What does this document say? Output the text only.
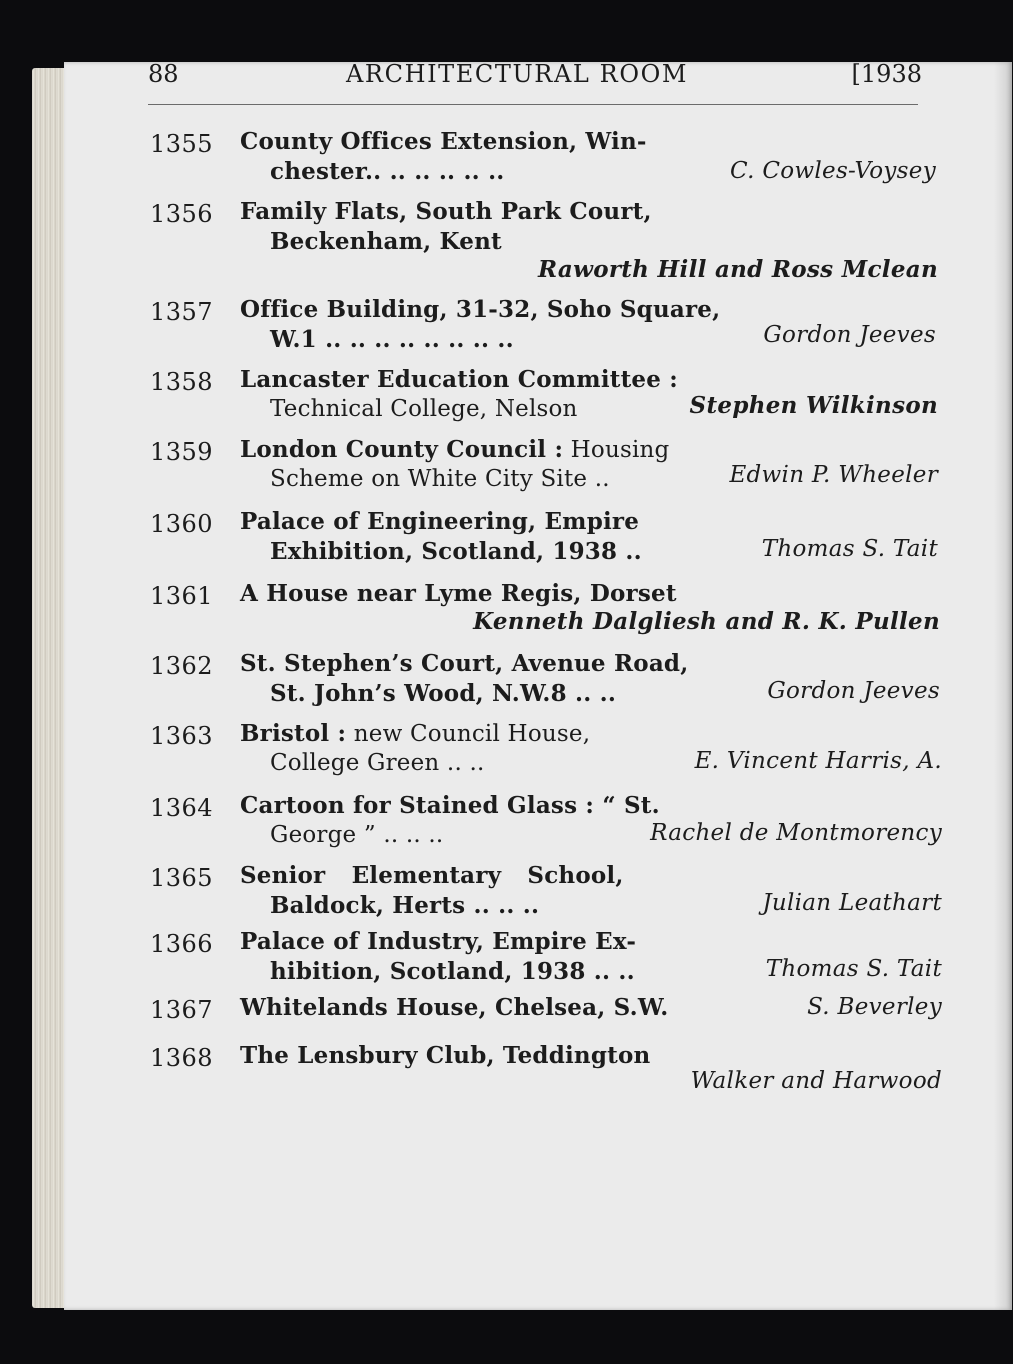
88	ARCHITECTURAL ROOM	[1938
1355 County Offices Extension, Win-
chester.. .. .. .. .. ..	C. Cowles-Voysey
1356 Family Flats, South Park Court,
Beckenham, Kent
Raworth Hill and Ross Mclean
1357 Office Building, 31-32, Soho Square,
W.1 .. .. .. .. .. .. .. ..	Gordon Jeeves
1358 Lancaster Education Committee :
Technical College, Nelson	Stephen Wilkinson
1359 London County Council : Housing
Scheme on White City Site ..	Edwin P. Wheeler
1360 Palace of Engineering, Empire
Exhibition, Scotland, 1938 ..	Thomas S. Tait
1361 A House near Lyme Regis, Dorset
Kenneth Dalgliesh and R. K. Pullen
1362 St. Stephen’s Court, Avenue Road,
St. John’s Wood, N.W.8 .. ..	Gordon Jeeves
1363 Bristol : new Council House,
College Green .. ..	E. Vincent Harris, A.
1364 Cartoon for Stained Glass : “ St.
George ” .. .. ..	Rachel de Montmorency
1365 Senior Elementary School,
Baldock, Herts .. .. ..	Julian Leathart
1366 Palace of Industry, Empire Ex-
hibition, Scotland, 1938 .. ..	Thomas S. Tait
1367 Whitelands House, Chelsea, S.W.	S. Beverley
1368 The Lensbury Club, Teddington
Walker and Harwood
